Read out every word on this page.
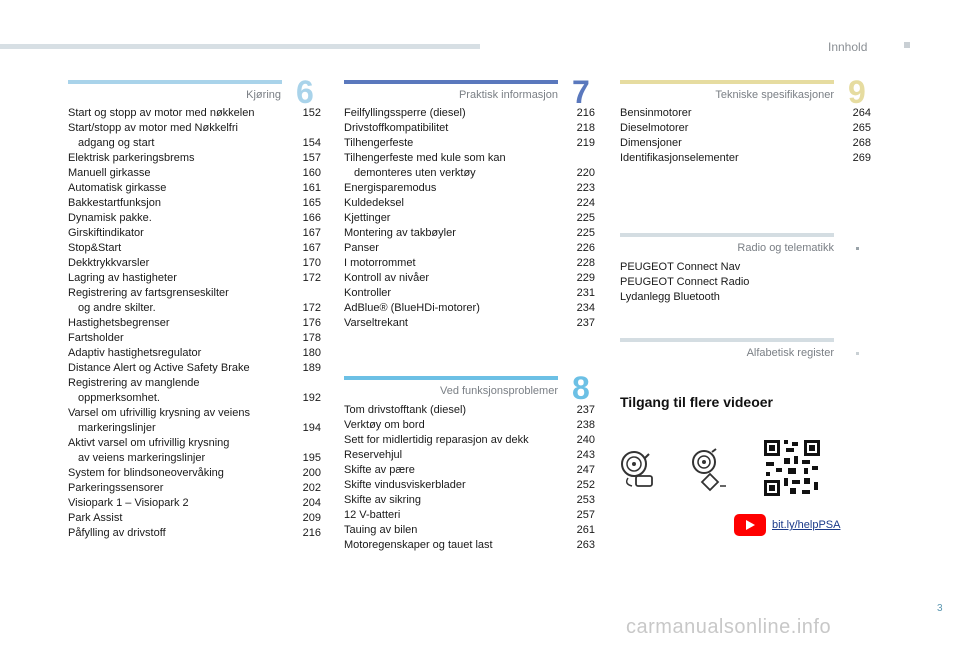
Innhold
Kjøring 6
Start og stopp av motor med nøkkelen	152
Start/stopp av motor med Nøkkelfri
adgang og start	154
Elektrisk parkeringsbrems	157
Manuell girkasse	160
Automatisk girkasse	161
Bakkestartfunksjon	165
Dynamisk pakke.	166
Girskiftindikator	167
Stop&Start	167
Dekktrykkvarsler	170
Lagring av hastigheter	172
Registrering av fartsgrenseskilter
og andre skilter.	172
Hastighetsbegrenser	176
Fartsholder	178
Adaptiv hastighetsregulator	180
Distance Alert og Active Safety Brake	189
Registrering av manglende
oppmerksomhet.	192
Varsel om ufrivillig krysning av veiens
markeringslinjer	194
Aktivt varsel om ufrivillig krysning
av veiens markeringslinjer	195
System for blindsoneovervåking	200
Parkeringssensorer	202
Visiopark 1 – Visiopark 2	204
Park Assist	209
Påfylling av drivstoff	216
Praktisk informasjon 7
Feilfyllingssperre (diesel)	216
Drivstoffkompatibilitet	218
Tilhengerfeste	219
Tilhengerfeste med kule som kan
demonteres uten verktøy	220
Energisparemodus	223
Kuldedeksel	224
Kjettinger	225
Montering av takbøyler	225
Panser	226
I motorrommet	228
Kontroll av nivåer	229
Kontroller	231
AdBlue® (BlueHDi-motorer)	234
Varseltrekant	237
Ved funksjonsproblemer 8
Tom drivstofftank (diesel)	237
Verktøy om bord	238
Sett for midlertidig reparasjon av dekk	240
Reservehjul	243
Skifte av pære	247
Skifte vindusviskerblader	252
Skifte av sikring	253
12 V-batteri	257
Tauing av bilen	261
Motoregenskaper og tauet last	263
Tekniske spesifikasjoner 9
Bensinmotorer	264
Dieselmotorer	265
Dimensjoner	268
Identifikasjonselementer	269
Radio og telematikk
PEUGEOT Connect Nav
PEUGEOT Connect Radio
Lydanlegg Bluetooth
Alfabetisk register
Tilgang til flere videoer
bit.ly/helpPSA
3
carmanualsonline.info
